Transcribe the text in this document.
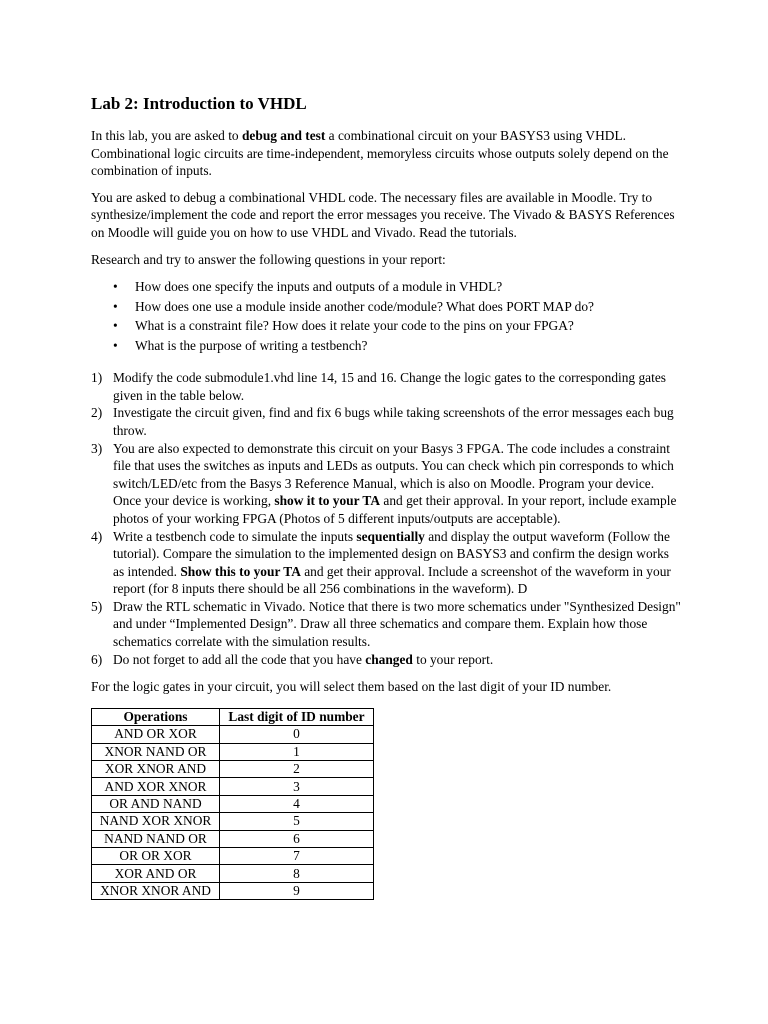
Lab 2: Introduction to VHDL

In this lab, you are asked to debug and test a combinational circuit on your BASYS3 using VHDL. Combinational logic circuits are time-independent, memoryless circuits whose outputs solely depend on the combination of inputs.

You are asked to debug a combinational VHDL code. The necessary files are available in Moodle. Try to synthesize/implement the code and report the error messages you receive. The Vivado & BASYS References on Moodle will guide you on how to use VHDL and Vivado. Read the tutorials.

Research and try to answer the following questions in your report:

• How does one specify the inputs and outputs of a module in VHDL?
• How does one use a module inside another code/module? What does PORT MAP do?
• What is a constraint file? How does it relate your code to the pins on your FPGA?
• What is the purpose of writing a testbench?
1) Modify the code submodule1.vhd line 14, 15 and 16. Change the logic gates to the corresponding gates given in the table below.
2) Investigate the circuit given, find and fix 6 bugs while taking screenshots of the error messages each bug throw.
3) You are also expected to demonstrate this circuit on your Basys 3 FPGA. The code includes a constraint file that uses the switches as inputs and LEDs as outputs. You can check which pin corresponds to which switch/LED/etc from the Basys 3 Reference Manual, which is also on Moodle. Program your device. Once your device is working, show it to your TA and get their approval. In your report, include example photos of your working FPGA (Photos of 5 different inputs/outputs are acceptable).
4) Write a testbench code to simulate the inputs sequentially and display the output waveform (Follow the tutorial). Compare the simulation to the implemented design on BASYS3 and confirm the design works as intended. Show this to your TA and get their approval. Include a screenshot of the waveform in your report (for 8 inputs there should be all 256 combinations in the waveform). D
5) Draw the RTL schematic in Vivado. Notice that there is two more schematics under "Synthesized Design" and under “Implemented Design”. Draw all three schematics and compare them. Explain how those schematics correlate with the simulation results.
6) Do not forget to add all the code that you have changed to your report.

For the logic gates in your circuit, you will select them based on the last digit of your ID number.

Operations	Last digit of ID number
AND OR XOR	0
XNOR NAND OR	1
XOR XNOR AND	2
AND XOR XNOR	3
OR AND NAND	4
NAND XOR XNOR	5
NAND NAND OR	6
OR OR XOR	7
XOR AND OR	8
XNOR XNOR AND	9
